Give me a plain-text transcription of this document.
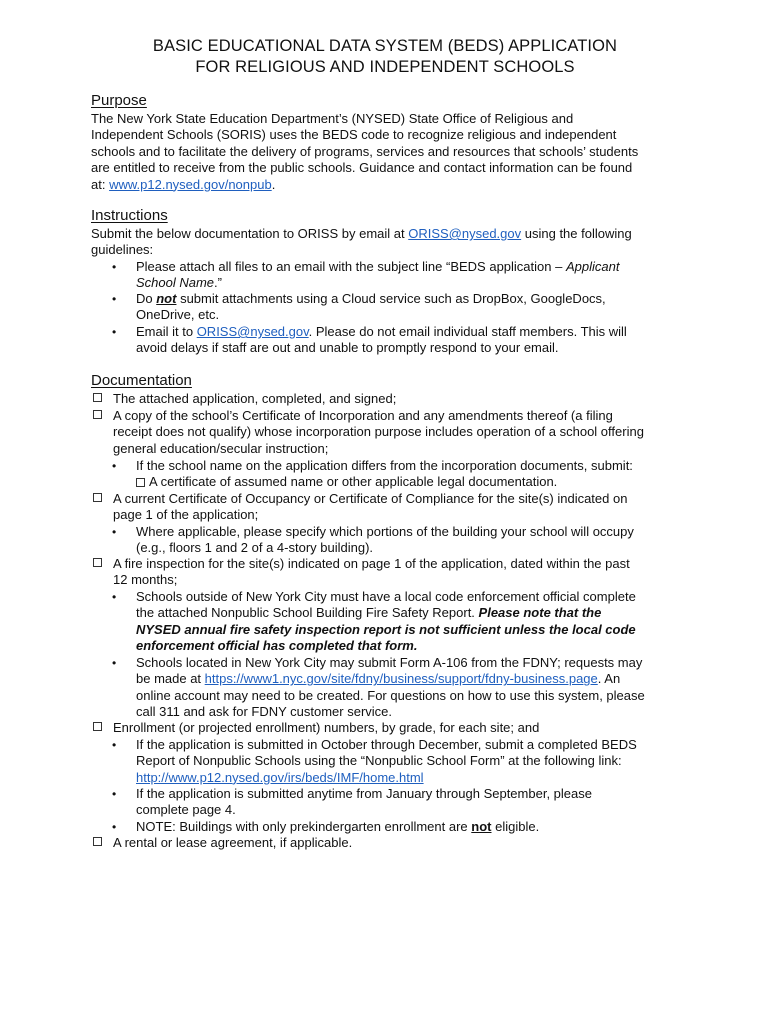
BASIC EDUCATIONAL DATA SYSTEM (BEDS) APPLICATION
FOR RELIGIOUS AND INDEPENDENT SCHOOLS
Purpose
The New York State Education Department’s (NYSED) State Office of Religious and
Independent Schools (SORIS) uses the BEDS code to recognize religious and independent
schools and to facilitate the delivery of programs, services and resources that schools’ students
are entitled to receive from the public schools. Guidance and contact information can be found
at: www.p12.nysed.gov/nonpub.
Instructions
Submit the below documentation to ORISS by email at ORISS@nysed.gov using the following
guidelines:
• Please attach all files to an email with the subject line “BEDS application – Applicant
School Name.”
• Do not submit attachments using a Cloud service such as DropBox, GoogleDocs,
OneDrive, etc.
• Email it to ORISS@nysed.gov. Please do not email individual staff members. This will
avoid delays if staff are out and unable to promptly respond to your email.
Documentation
The attached application, completed, and signed;
A copy of the school’s Certificate of Incorporation and any amendments thereof (a filing
receipt does not qualify) whose incorporation purpose includes operation of a school offering
general education/secular instruction;
• If the school name on the application differs from the incorporation documents, submit:
A certificate of assumed name or other applicable legal documentation.
A current Certificate of Occupancy or Certificate of Compliance for the site(s) indicated on
page 1 of the application;
• Where applicable, please specify which portions of the building your school will occupy
(e.g., floors 1 and 2 of a 4-story building).
A fire inspection for the site(s) indicated on page 1 of the application, dated within the past
12 months;
• Schools outside of New York City must have a local code enforcement official complete
the attached Nonpublic School Building Fire Safety Report. Please note that the
NYSED annual fire safety inspection report is not sufficient unless the local code
enforcement official has completed that form.
• Schools located in New York City may submit Form A-106 from the FDNY; requests may
be made at https://www1.nyc.gov/site/fdny/business/support/fdny-business.page. An
online account may need to be created. For questions on how to use this system, please
call 311 and ask for FDNY customer service.
Enrollment (or projected enrollment) numbers, by grade, for each site; and
• If the application is submitted in October through December, submit a completed BEDS
Report of Nonpublic Schools using the “Nonpublic School Form” at the following link:
http://www.p12.nysed.gov/irs/beds/IMF/home.html
• If the application is submitted anytime from January through September, please
complete page 4.
• NOTE: Buildings with only prekindergarten enrollment are not eligible.
A rental or lease agreement, if applicable.
